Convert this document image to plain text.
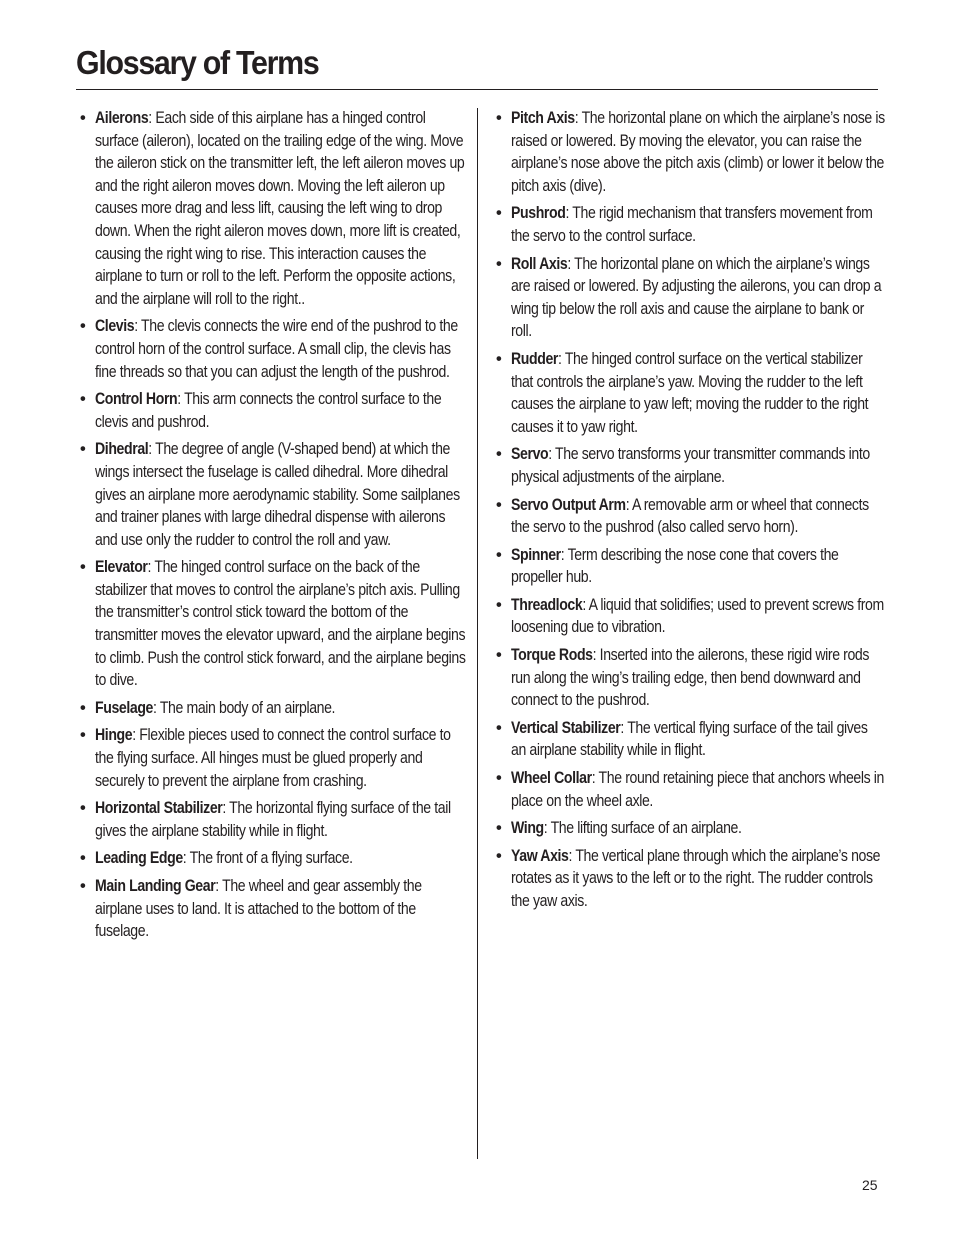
Glossary of Terms
• Ailerons: Each side of this airplane has a hinged control surface (aileron), located on the trailing edge of the wing. Move the aileron stick on the transmitter left, the left aileron moves up and the right aileron moves down. Moving the left aileron up causes more drag and less lift, causing the left wing to drop down. When the right aileron moves down, more lift is created, causing the right wing to rise. This interaction causes the airplane to turn or roll to the left. Perform the opposite actions, and the airplane will roll to the right..
• Clevis: The clevis connects the wire end of the pushrod to the control horn of the control surface. A small clip, the clevis has fine threads so that you can adjust the length of the pushrod.
• Control Horn: This arm connects the control surface to the clevis and pushrod.
• Dihedral: The degree of angle (V-shaped bend) at which the wings intersect the fuselage is called dihedral. More dihedral gives an airplane more aerodynamic stability. Some sailplanes and trainer planes with large dihedral dispense with ailerons and use only the rudder to control the roll and yaw.
• Elevator: The hinged control surface on the back of the stabilizer that moves to control the airplane’s pitch axis. Pulling the transmitter’s control stick toward the bottom of the transmitter moves the elevator upward, and the airplane begins to climb. Push the control stick forward, and the airplane begins to dive.
• Fuselage: The main body of an airplane.
• Hinge: Flexible pieces used to connect the control surface to the flying surface. All hinges must be glued properly and securely to prevent the airplane from crashing.
• Horizontal Stabilizer: The horizontal flying surface of the tail gives the airplane stability while in flight.
• Leading Edge: The front of a flying surface.
• Main Landing Gear: The wheel and gear assembly the airplane uses to land. It is attached to the bottom of the fuselage.
• Pitch Axis: The horizontal plane on which the airplane’s nose is raised or lowered. By moving the elevator, you can raise the airplane’s nose above the pitch axis (climb) or lower it below the pitch axis (dive).
• Pushrod: The rigid mechanism that transfers movement from the servo to the control surface.
• Roll Axis: The horizontal plane on which the airplane’s wings are raised or lowered. By adjusting the ailerons, you can drop a wing tip below the roll axis and cause the airplane to bank or roll.
• Rudder: The hinged control surface on the vertical stabilizer that controls the airplane’s yaw. Moving the rudder to the left causes the airplane to yaw left; moving the rudder to the right causes it to yaw right.
• Servo: The servo transforms your transmitter commands into physical adjustments of the airplane.
• Servo Output Arm: A removable arm or wheel that connects the servo to the pushrod (also called servo horn).
• Spinner: Term describing the nose cone that covers the propeller hub.
• Threadlock: A liquid that solidifies; used to prevent screws from loosening due to vibration.
• Torque Rods: Inserted into the ailerons, these rigid wire rods run along the wing’s trailing edge, then bend downward and connect to the pushrod.
• Vertical Stabilizer: The vertical flying surface of the tail gives an airplane stability while in flight.
• Wheel Collar: The round retaining piece that anchors wheels in place on the wheel axle.
• Wing: The lifting surface of an airplane.
• Yaw Axis: The vertical plane through which the airplane’s nose rotates as it yaws to the left or to the right. The rudder controls the yaw axis.
25
